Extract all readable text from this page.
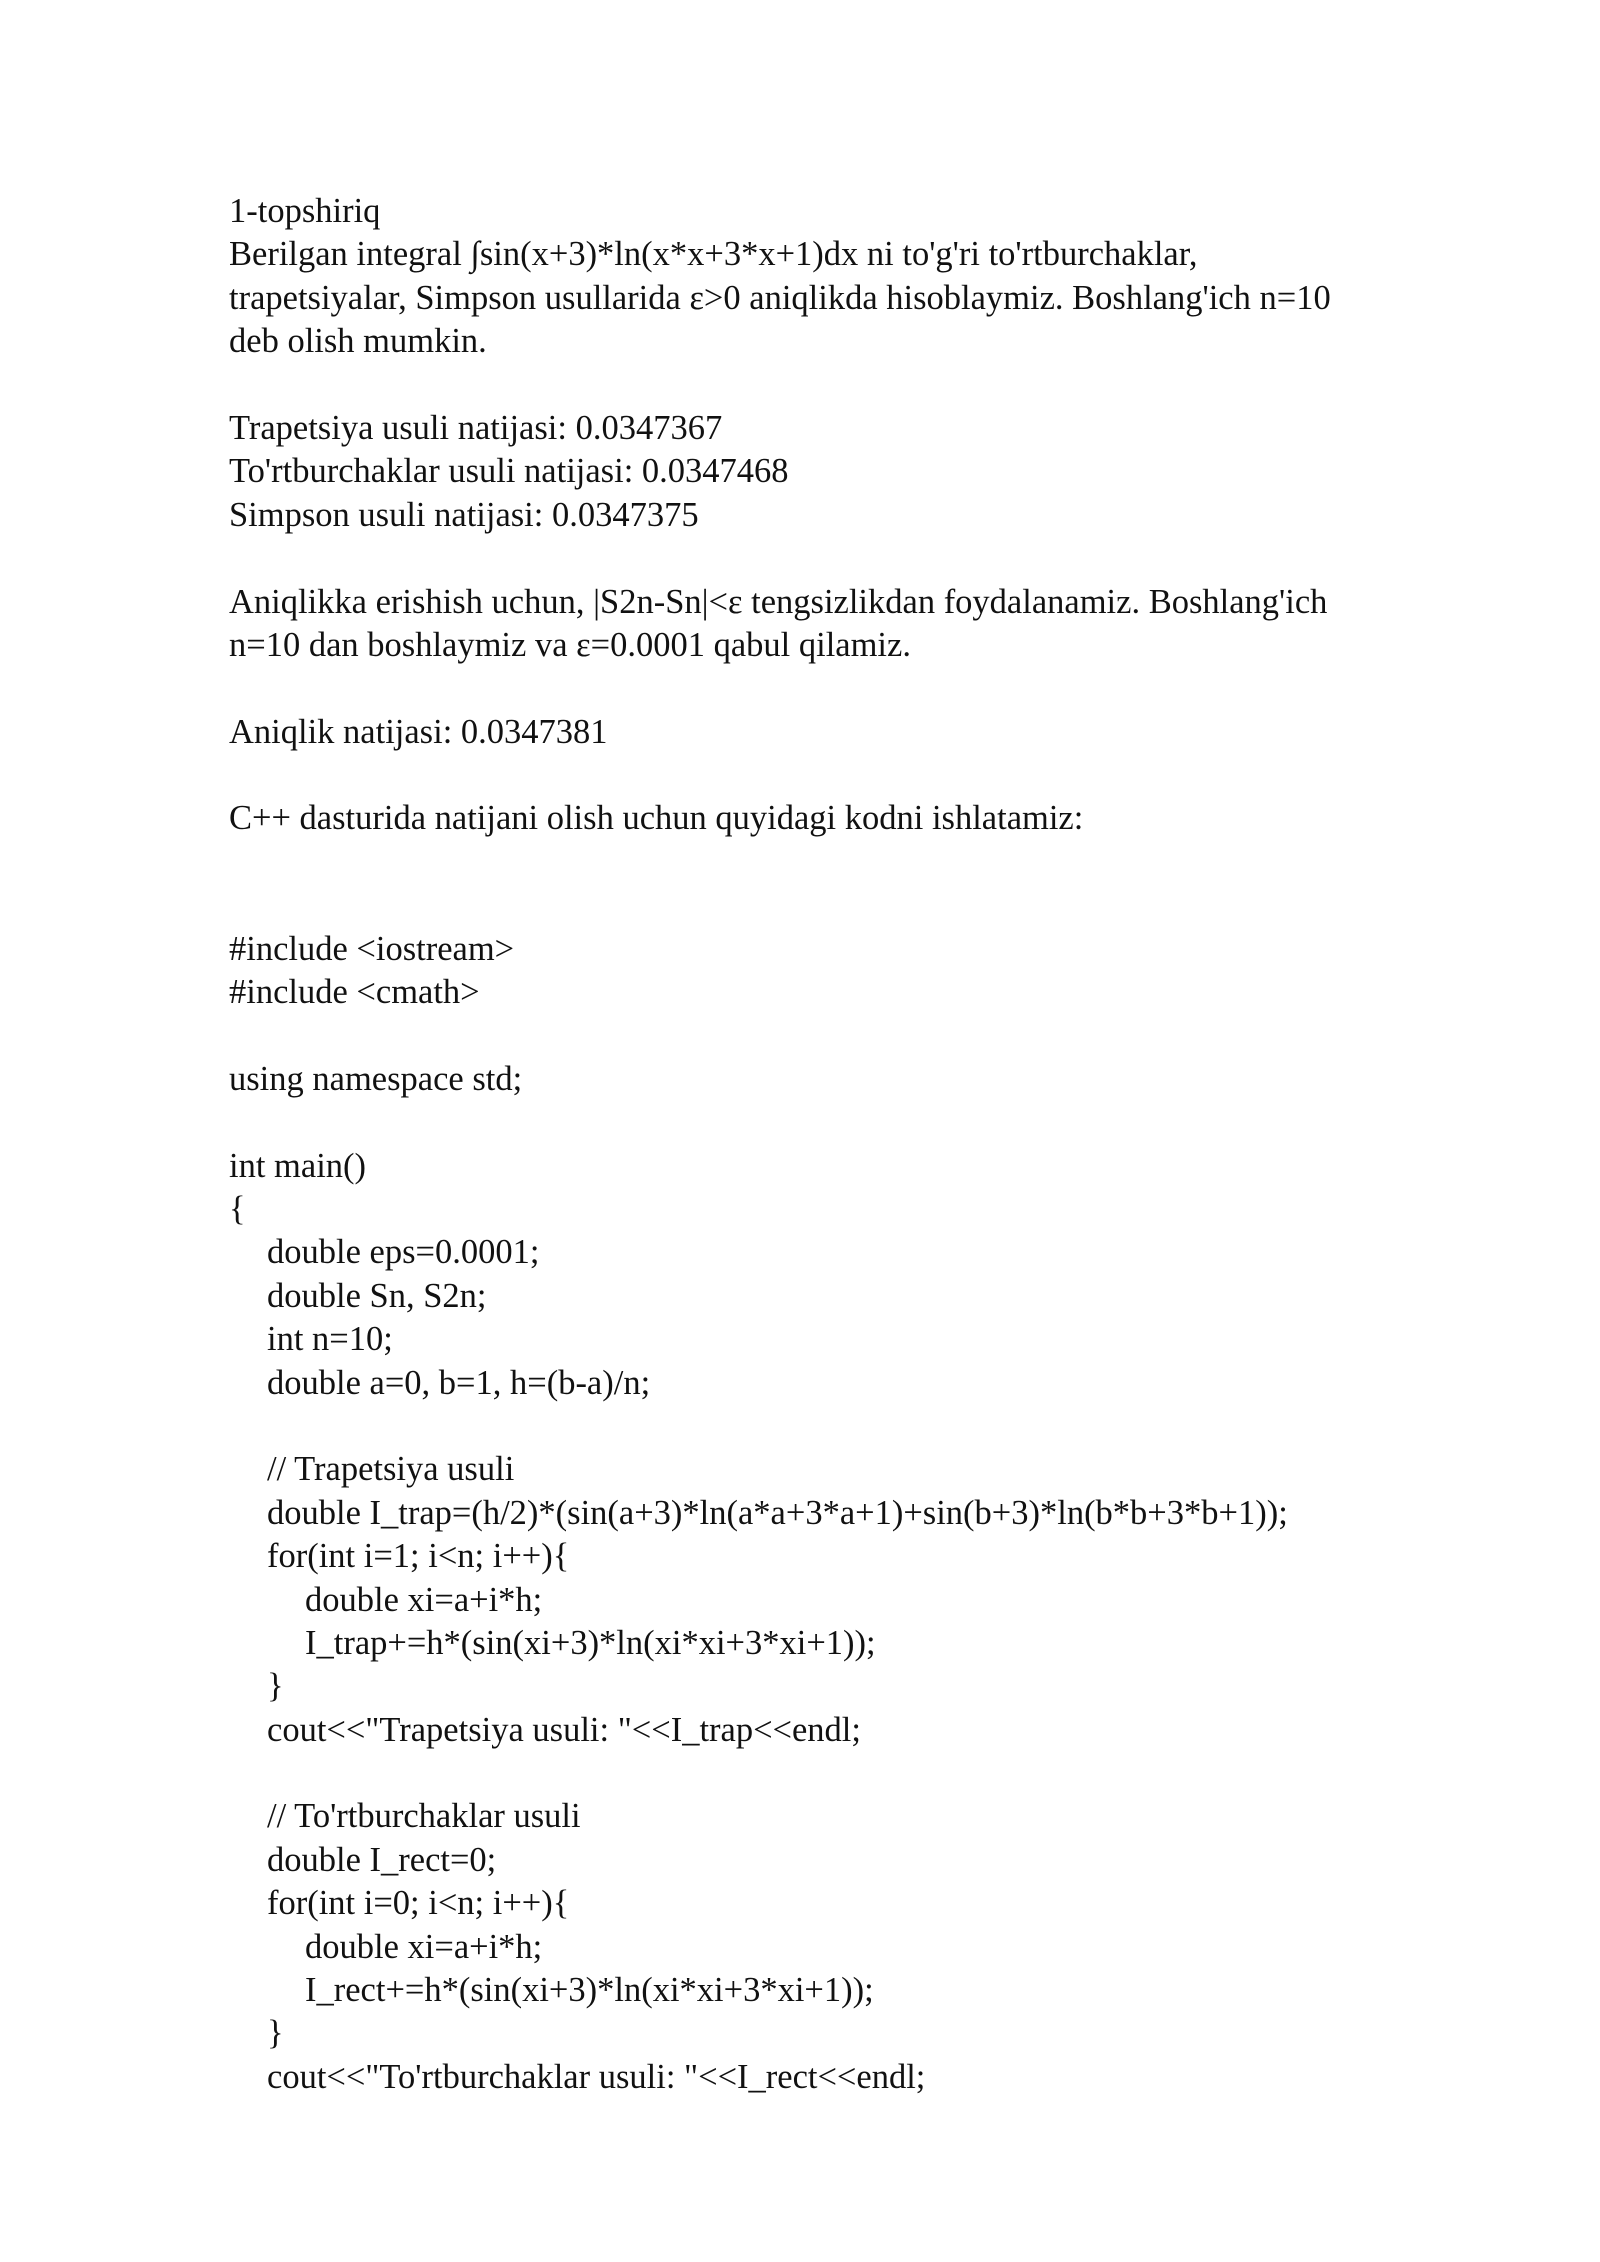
1-topshiriq
Berilgan integral ∫sin(x+3)*ln(x*x+3*x+1)dx ni to'g'ri to'rtburchaklar,
trapetsiyalar, Simpson usullarida ε>0 aniqlikda hisoblaymiz. Boshlang'ich n=10
deb olish mumkin.
Trapetsiya usuli natijasi: 0.0347367
To'rtburchaklar usuli natijasi: 0.0347468
Simpson usuli natijasi: 0.0347375
Aniqlikka erishish uchun, |S2n-Sn|<ε tengsizlikdan foydalanamiz. Boshlang'ich
n=10 dan boshlaymiz va ε=0.0001 qabul qilamiz.
Aniqlik natijasi: 0.0347381
C++ dasturida natijani olish uchun quyidagi kodni ishlatamiz:
#include <iostream>
#include <cmath>
using namespace std;
int main()
{
double eps=0.0001;
double Sn, S2n;
int n=10;
double a=0, b=1, h=(b-a)/n;
// Trapetsiya usuli
double I_trap=(h/2)*(sin(a+3)*ln(a*a+3*a+1)+sin(b+3)*ln(b*b+3*b+1));
for(int i=1; i<n; i++){
double xi=a+i*h;
I_trap+=h*(sin(xi+3)*ln(xi*xi+3*xi+1));
}
cout<<"Trapetsiya usuli: "<<I_trap<<endl;
// To'rtburchaklar usuli
double I_rect=0;
for(int i=0; i<n; i++){
double xi=a+i*h;
I_rect+=h*(sin(xi+3)*ln(xi*xi+3*xi+1));
}
cout<<"To'rtburchaklar usuli: "<<I_rect<<endl;
